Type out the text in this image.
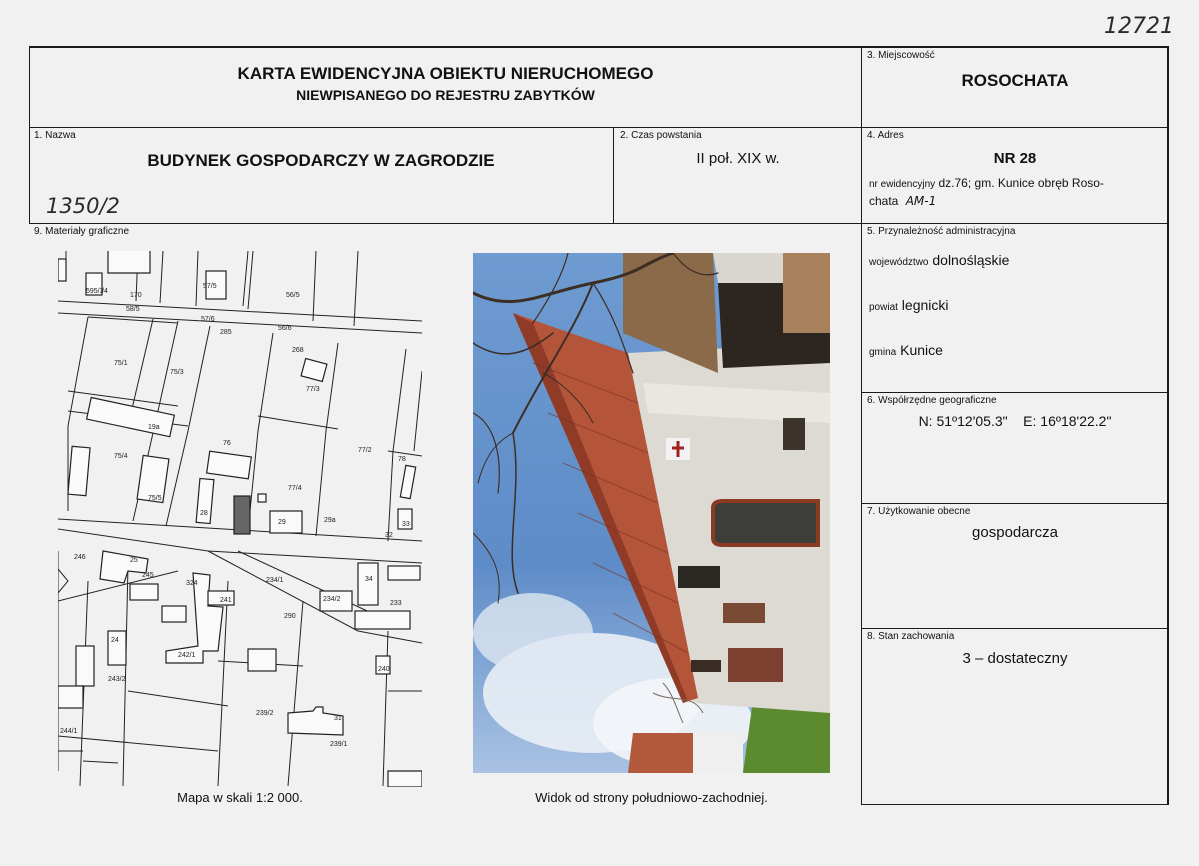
12721
1350/2
KARTA EWIDENCYJNA OBIEKTU NIERUCHOMEGO
NIEWPISANEGO DO REJESTRU ZABYTKÓW
3. Miejscowość
ROSOCHATA
1. Nazwa
BUDYNEK GOSPODARCZY W ZAGRODZIE
2. Czas powstania
II poł. XIX w.
4. Adres
NR 28
nr ewidencyjny dz.76; gm. Kunice obręb Roso-
chata AM-1
9. Materiały graficzne
595/3
/4
170
58/5
57/5
57/6
56/5
56/6
285
75/1
75/3
268
77/3
19a
76
75/4
77/2
78
75/5
77/4
28
29	29a
32
33
246	25
245
324
241
234/1	34
234/2
233
290
24
242/1
243/2
240
239/2
31
239/1
244/1
Mapa w skali 1:2 000.	Widok od strony południowo-zachodniej.
5. Przynależność administracyjna
województwo dolnośląskie
powiat legnicki
gmina Kunice
6. Współrzędne geograficzne
N: 51º12'05.3" E: 16º18'22.2"
7. Użytkowanie obecne
gospodarcza
8. Stan zachowania
3 – dostateczny
